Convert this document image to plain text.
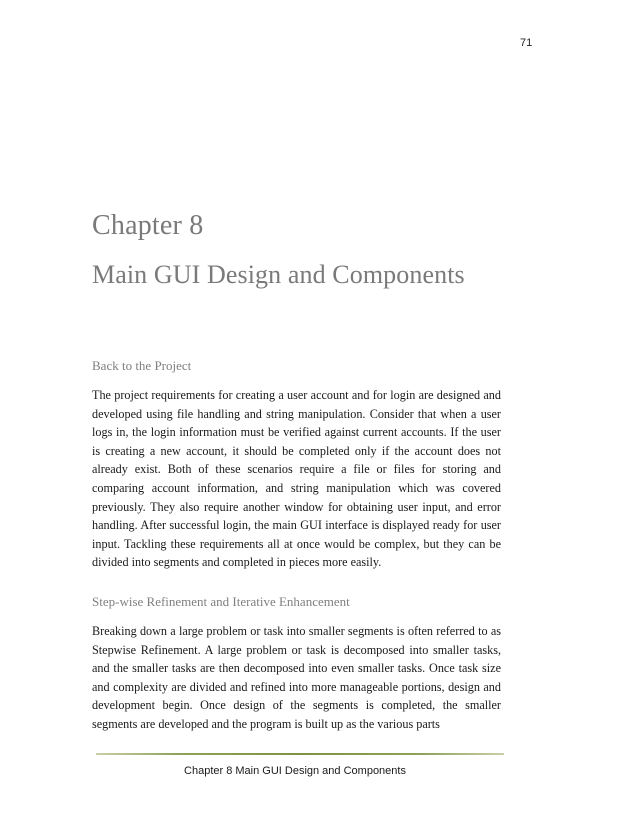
71
Chapter 8
Main GUI Design and Components
Back to the Project

The project requirements for creating a user account and for login are designed and developed using file handling and string manipulation. Consider that when a user logs in, the login information must be verified against current accounts. If the user is creating a new account, it should be completed only if the account does not already exist. Both of these scenarios require a file or files for storing and comparing account information, and string manipulation which was covered previously. They also require another window for obtaining user input, and error handling. After successful login, the main GUI interface is displayed ready for user input. Tackling these requirements all at once would be complex, but they can be divided into segments and completed in pieces more easily.

Step-wise Refinement and Iterative Enhancement

Breaking down a large problem or task into smaller segments is often referred to as Stepwise Refinement. A large problem or task is decomposed into smaller tasks, and the smaller tasks are then decomposed into even smaller tasks. Once task size and complexity are divided and refined into more manageable portions, design and development begin. Once design of the segments is completed, the smaller segments are developed and the program is built up as the various parts

Chapter 8 Main GUI Design and Components
